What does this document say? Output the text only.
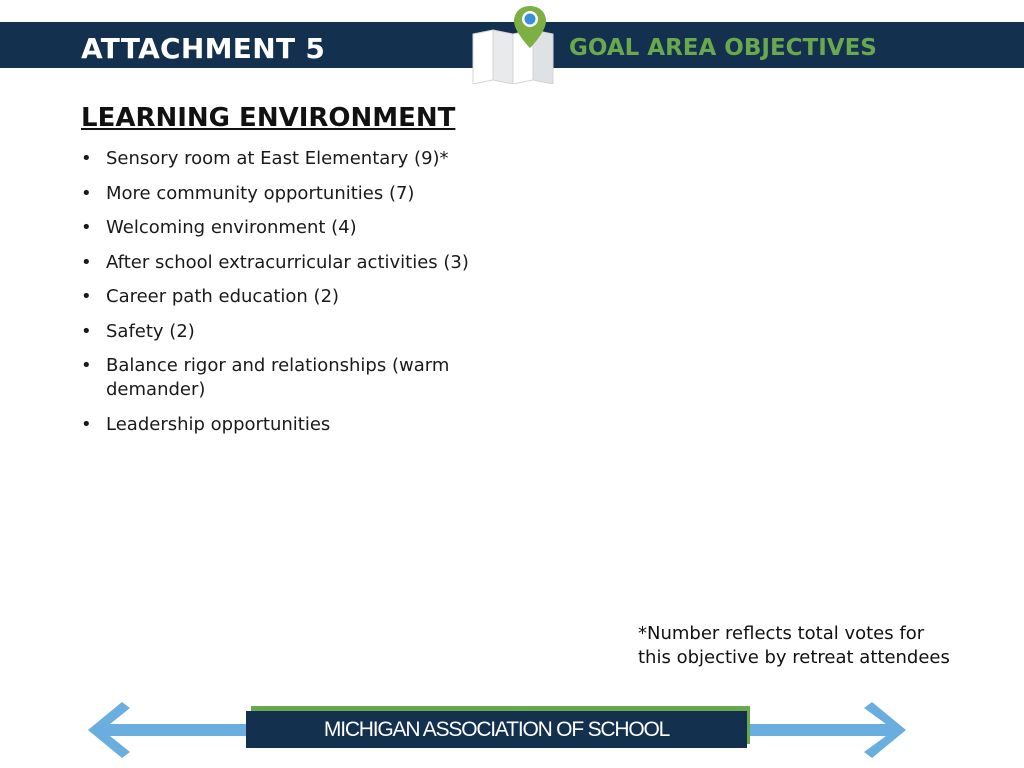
ATTACHMENT 5	GOAL AREA OBJECTIVES
LEARNING ENVIRONMENT
• Sensory room at East Elementary (9)*
• More community opportunities (7)
• Welcoming environment (4)
• After school extracurricular activities (3)
• Career path education (2)
• Safety (2)
• Balance rigor and relationships (warm demander)
• Leadership opportunities
*Number reflects total votes for
this objective by retreat attendees
MICHIGAN ASSOCIATION OF SCHOOL
